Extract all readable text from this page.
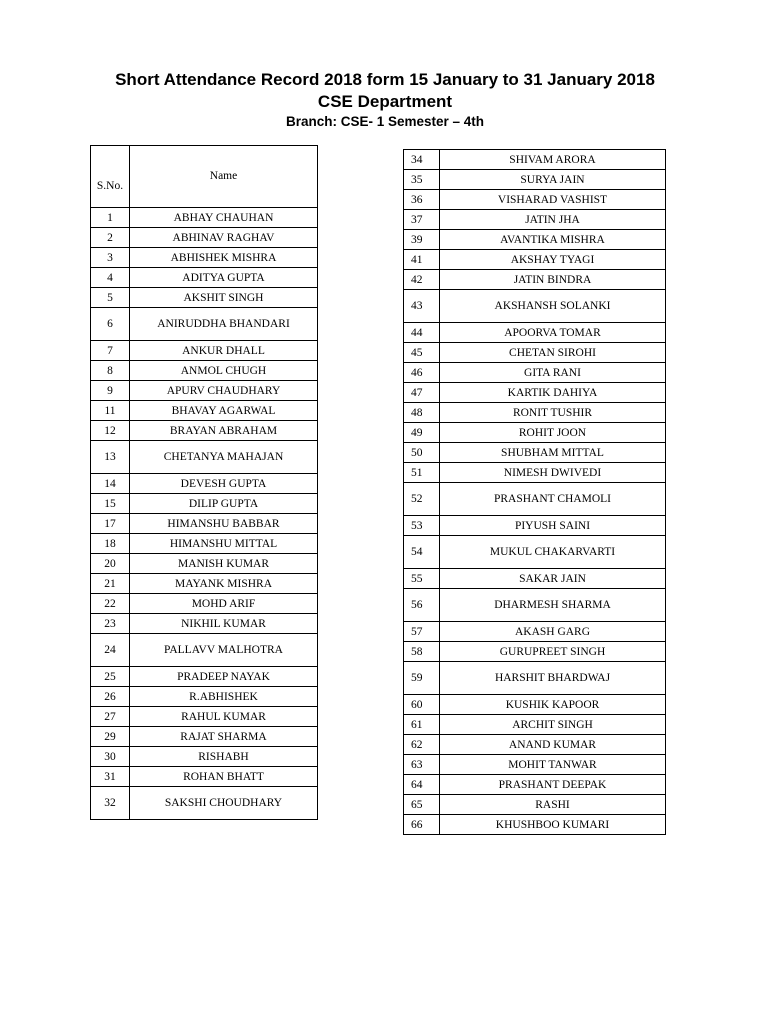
Short Attendance Record 2018 form 15 January to 31 January 2018
CSE Department
Branch: CSE- 1 Semester – 4th
S.No.	Name
1	ABHAY CHAUHAN
2	ABHINAV RAGHAV
3	ABHISHEK MISHRA
4	ADITYA GUPTA
5	AKSHIT SINGH
6	ANIRUDDHA BHANDARI
7	ANKUR DHALL
8	ANMOL CHUGH
9	APURV CHAUDHARY
11	BHAVAY AGARWAL
12	BRAYAN ABRAHAM
13	CHETANYA MAHAJAN
14	DEVESH GUPTA
15	DILIP GUPTA
17	HIMANSHU BABBAR
18	HIMANSHU MITTAL
20	MANISH KUMAR
21	MAYANK MISHRA
22	MOHD ARIF
23	NIKHIL KUMAR
24	PALLAVV MALHOTRA
25	PRADEEP NAYAK
26	R.ABHISHEK
27	RAHUL KUMAR
29	RAJAT SHARMA
30	RISHABH
31	ROHAN BHATT
32	SAKSHI CHOUDHARY
34	SHIVAM ARORA
35	SURYA JAIN
36	VISHARAD VASHIST
37	JATIN JHA
39	AVANTIKA MISHRA
41	AKSHAY TYAGI
42	JATIN BINDRA
43	AKSHANSH SOLANKI
44	APOORVA TOMAR
45	CHETAN SIROHI
46	GITA RANI
47	KARTIK DAHIYA
48	RONIT TUSHIR
49	ROHIT JOON
50	SHUBHAM MITTAL
51	NIMESH DWIVEDI
52	PRASHANT CHAMOLI
53	PIYUSH SAINI
54	MUKUL CHAKARVARTI
55	SAKAR JAIN
56	DHARMESH SHARMA
57	AKASH GARG
58	GURUPREET SINGH
59	HARSHIT BHARDWAJ
60	KUSHIK KAPOOR
61	ARCHIT SINGH
62	ANAND KUMAR
63	MOHIT TANWAR
64	PRASHANT DEEPAK
65	RASHI
66	KHUSHBOO KUMARI
